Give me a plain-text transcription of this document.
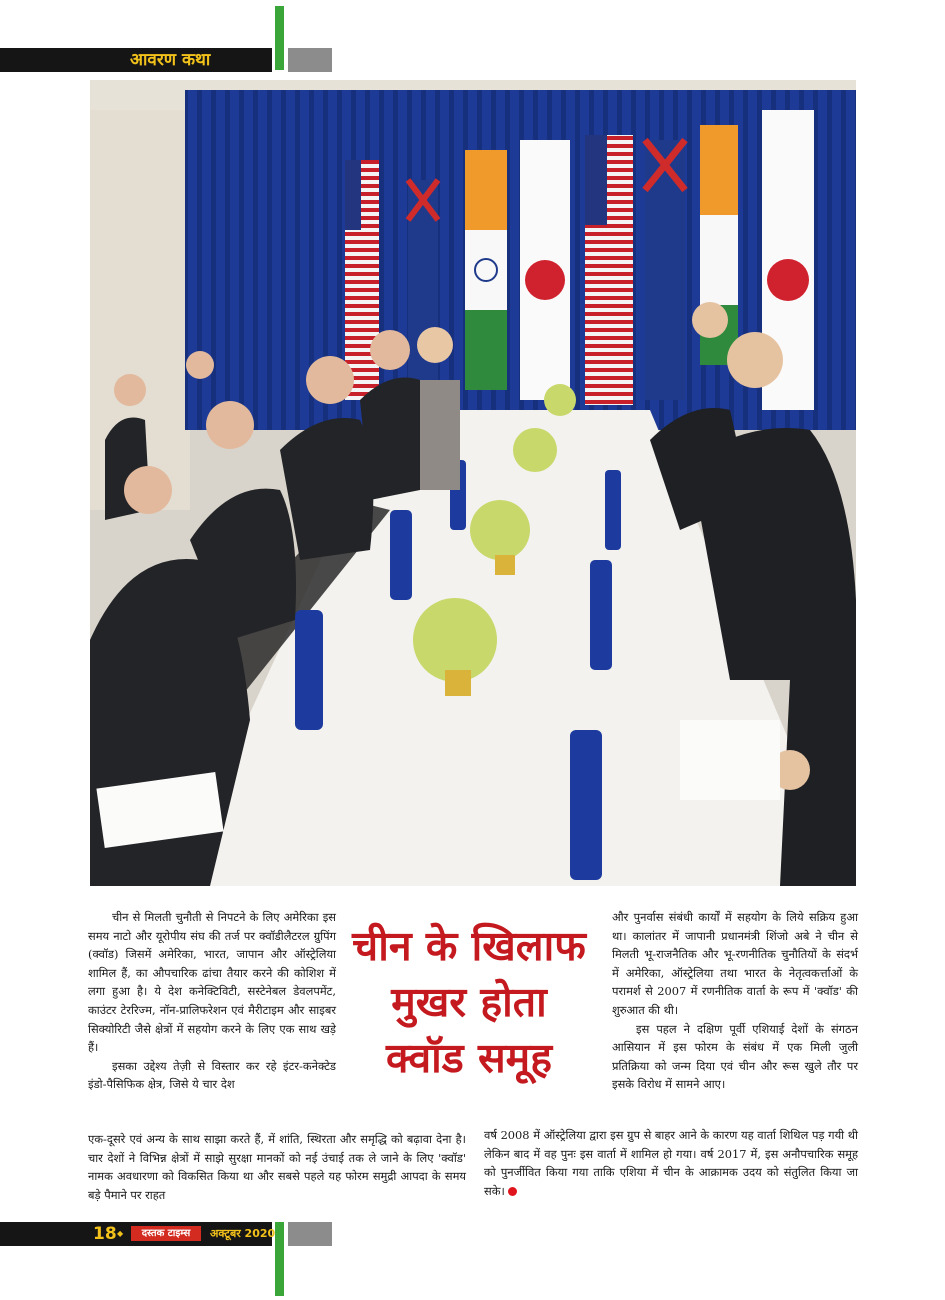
आवरण कथा

चीन से मिलती चुनौती से निपटने के लिए अमेरिका इस समय नाटो और यूरोपीय संघ की तर्ज पर क्वॉडीलैटरल ग्रुपिंग (क्वॉड) जिसमें अमेरिका, भारत, जापान और ऑस्ट्रेलिया शामिल हैं, का औपचारिक ढांचा तैयार करने की कोशिश में लगा हुआ है। ये देश कनेक्टिविटी, सस्टेनेबल डेवलपमेंट, काउंटर टेररिज्म, नॉन-प्रालिफरेशन एवं मैरीटाइम और साइबर सिक्योरिटी जैसे क्षेत्रों में सहयोग करने के लिए एक साथ खड़े हैं।

इसका उद्देश्य तेज़ी से विस्तार कर रहे इंटर-कनेक्टेड इंडो-पैसिफिक क्षेत्र, जिसे ये चार देश

चीन के खिलाफ
मुखर होता
क्वॉड समूह

एक-दूसरे एवं अन्य के साथ साझा करते हैं, में शांति, स्थिरता और समृद्धि को बढ़ावा देना है। चार देशों ने विभिन्न क्षेत्रों में साझे सुरक्षा मानकों को नई उंचाई तक ले जाने के लिए 'क्वॉड' नामक अवधारणा को विकसित किया था और सबसे पहले यह फोरम समुद्री आपदा के समय बड़े पैमाने पर राहत

और पुनर्वास संबंधी कार्यों में सहयोग के लिये सक्रिय हुआ था। कालांतर में जापानी प्रधानमंत्री शिंजो अबे ने चीन से मिलती भू-राजनैतिक और भू-रणनीतिक चुनौतियों के संदर्भ में अमेरिका, ऑस्ट्रेलिया तथा भारत के नेतृत्वकर्त्ताओं के परामर्श से 2007 में रणनीतिक वार्ता के रूप में 'क्वॉड' की शुरुआत की थी।

इस पहल ने दक्षिण पूर्वी एशियाई देशों के संगठन आसियान में इस फोरम के संबंध में एक मिली जुली प्रतिक्रिया को जन्म दिया एवं चीन और रूस खुले तौर पर इसके विरोध में सामने आए।

वर्ष 2008 में ऑस्ट्रेलिया द्वारा इस ग्रुप से बाहर आने के कारण यह वार्ता शिथिल पड़ गयी थी लेकिन बाद में वह पुनः इस वार्ता में शामिल हो गया। वर्ष 2017 में, इस अनौपचारिक समूह को पुनर्जीवित किया गया ताकि एशिया में चीन के आक्रामक उदय को संतुलित किया जा सके।

18 ◆	दस्तक टाइम्स	अक्टूबर 2020
